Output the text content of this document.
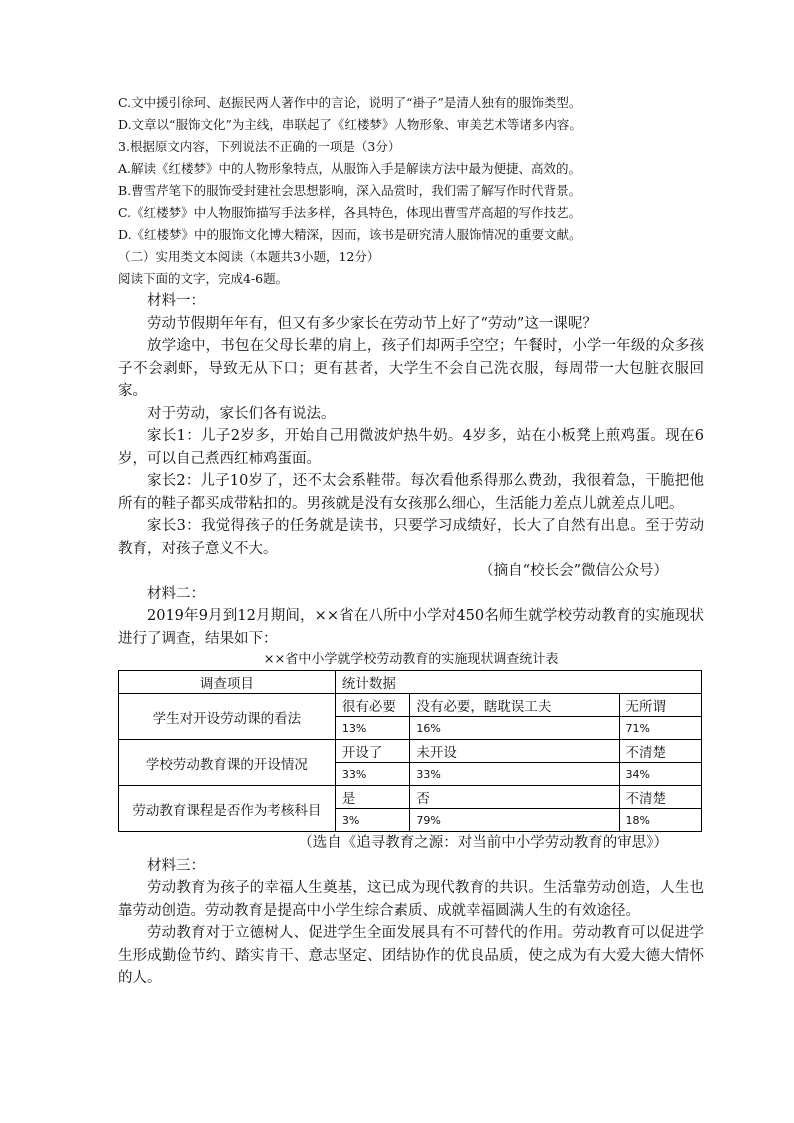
C.文中援引徐珂、赵振民两人著作中的言论，说明了“褂子”是清人独有的服饰类型。
D.文章以“服饰文化”为主线，串联起了《红楼梦》人物形象、审美艺术等诸多内容。
3.根据原文内容，下列说法不正确的一项是（3分）
A.解读《红楼梦》中的人物形象特点，从服饰入手是解读方法中最为便捷、高效的。
B.曹雪芹笔下的服饰受封建社会思想影响，深入品赏时，我们需了解写作时代背景。
C.《红楼梦》中人物服饰描写手法多样，各具特色，体现出曹雪芹高超的写作技艺。
D.《红楼梦》中的服饰文化博大精深，因而，该书是研究清人服饰情况的重要文献。
（二）实用类文本阅读（本题共3小题，12分）
阅读下面的文字，完成4-6题。

材料一：

劳动节假期年年有，但又有多少家长在劳动节上好了“劳动”这一课呢？

放学途中，书包在父母长辈的肩上，孩子们却两手空空；午餐时，小学一年级的众多孩子不会剥虾，导致无从下口；更有甚者，大学生不会自己洗衣服，每周带一大包脏衣服回家。

对于劳动，家长们各有说法。

家长1：儿子2岁多，开始自己用微波炉热牛奶。4岁多，站在小板凳上煎鸡蛋。现在6岁，可以自己煮西红柿鸡蛋面。

家长2：儿子10岁了，还不太会系鞋带。每次看他系得那么费劲，我很着急，干脆把他所有的鞋子都买成带粘扣的。男孩就是没有女孩那么细心，生活能力差点儿就差点儿吧。

家长3：我觉得孩子的任务就是读书，只要学习成绩好，长大了自然有出息。至于劳动教育，对孩子意义不大。

（摘自“校长会”微信公众号）

材料二：

2019年9月到12月期间，××省在八所中小学对450名师生就学校劳动教育的实施现状进行了调查，结果如下：

××省中小学就学校劳动教育的实施现状调查统计表
调查项目	统计数据		
学生对开设劳动课的看法	很有必要	没有必要，瞎耽误工夫	无所谓
	13%	16%	71%
学校劳动教育课的开设情况	开设了	未开设	不清楚
	33%	33%	34%
劳动教育课程是否作为考核科目	是	否	不清楚
	3%	79%	18%

（选自《追寻教育之源：对当前中小学劳动教育的审思》）

材料三：

劳动教育为孩子的幸福人生奠基，这已成为现代教育的共识。生活靠劳动创造，人生也靠劳动创造。劳动教育是提高中小学生综合素质、成就幸福圆满人生的有效途径。

劳动教育对于立德树人、促进学生全面发展具有不可替代的作用。劳动教育可以促进学生形成勤俭节约、踏实肯干、意志坚定、团结协作的优良品质，使之成为有大爱大德大情怀的人。
